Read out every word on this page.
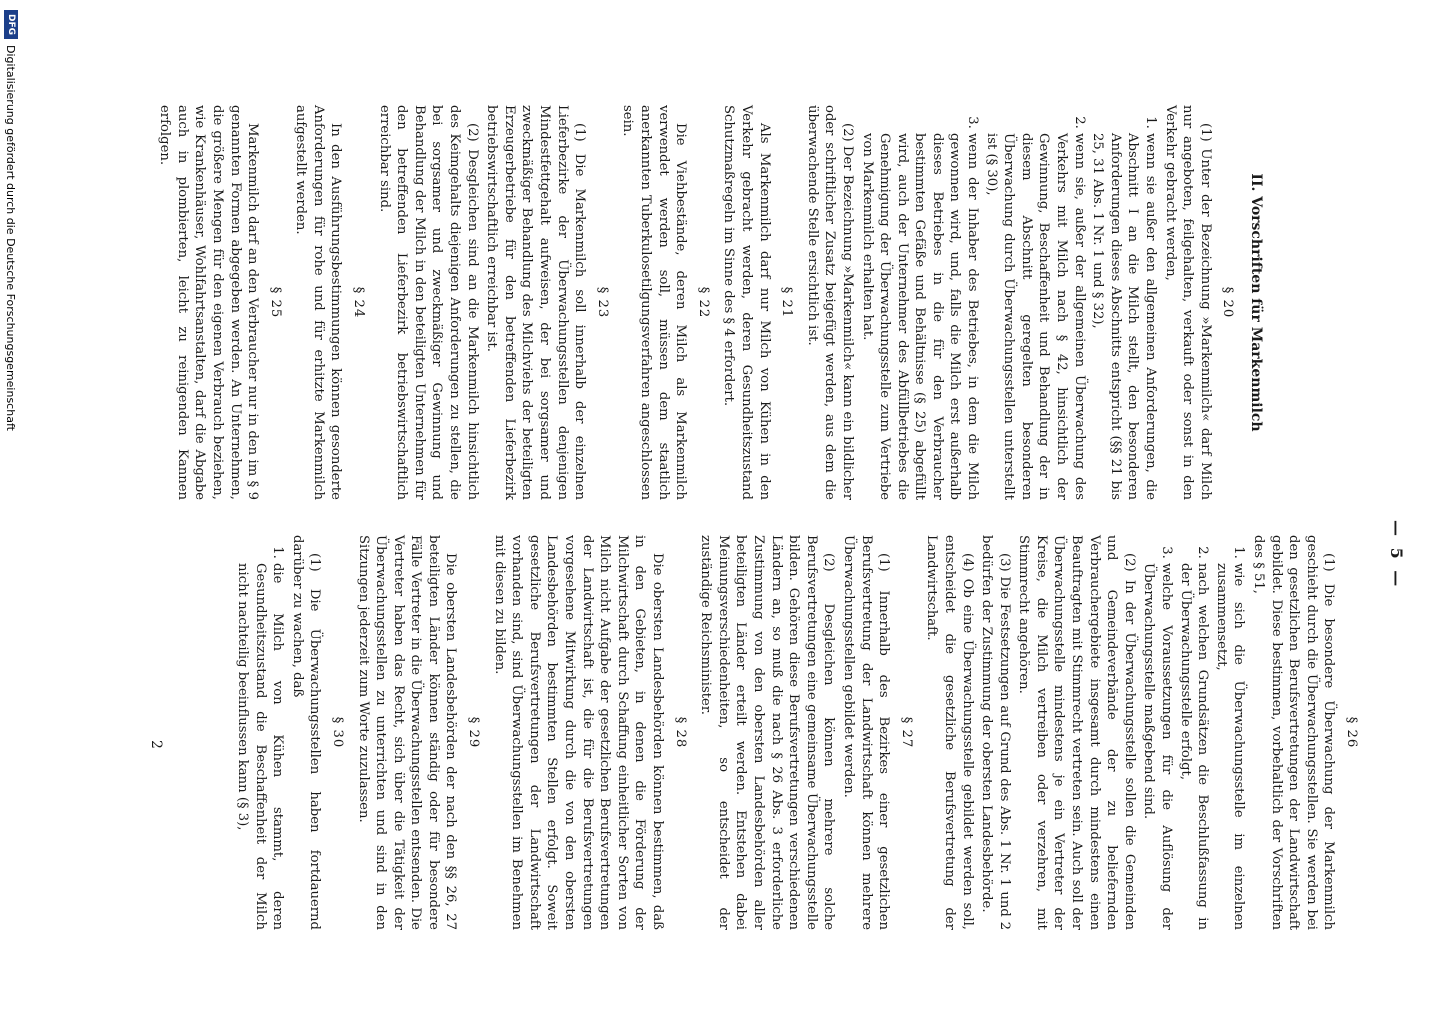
— 5 —
II. Vorschriften für Markenmilch
§ 20

(1) Unter der Bezeichnung »Markenmilch« darf Milch nur angeboten, feilgehalten, verkauft oder sonst in den Verkehr gebracht werden,

1. wenn sie außer den allgemeinen Anforderungen, die Abschnitt I an die Milch stellt, den besonderen Anforderungen dieses Abschnitts entspricht (§§ 21 bis 25, 31 Abs. 1 Nr. 1 und § 32),
2. wenn sie, außer der allgemeinen Überwachung des Verkehrs mit Milch nach § 42, hinsichtlich der Gewinnung, Beschaffenheit und Behandlung der in diesem Abschnitt geregelten besonderen Überwachung durch Überwachungsstellen unterstellt ist (§ 30),
3. wenn der Inhaber des Betriebes, in dem die Milch gewonnen wird, und, falls die Milch erst außerhalb dieses Betriebes in die für den Verbraucher bestimmten Gefäße und Behältnisse (§ 25) abgefüllt wird, auch der Unternehmer des Abfüllbetriebes die Genehmigung der Überwachungsstelle zum Vertriebe von Markenmilch erhalten hat.

(2) Der Bezeichnung »Markenmilch« kann ein bildlicher oder schriftlicher Zusatz beigefügt werden, aus dem die überwachende Stelle ersichtlich ist.

§ 21

Als Markenmilch darf nur Milch von Kühen in den Verkehr gebracht werden, deren Gesundheitszustand Schutzmaßregeln im Sinne des § 4 erfordert.

§ 22

Die Viehbestände, deren Milch als Markenmilch verwendet werden soll, müssen dem staatlich anerkannten Tuberkulosetilgungsverfahren angeschlossen sein.

§ 23

(1) Die Markenmilch soll innerhalb der einzelnen Lieferbezirke der Überwachungsstellen denjenigen Mindestfettgehalt aufweisen, der bei sorgsamer und zweckmäßiger Behandlung des Milchviehs der beteiligten Erzeugerbetriebe für den betreffenden Lieferbezirk betriebswirtschaftlich erreichbar ist.

(2) Desgleichen sind an die Markenmilch hinsichtlich des Keimgehalts diejenigen Anforderungen zu stellen, die bei sorgsamer und zweckmäßiger Gewinnung und Behandlung der Milch in den beteiligten Unternehmen für den betreffenden Lieferbezirk betriebswirtschaftlich erreichbar sind.

§ 24

In den Ausführungsbestimmungen können gesonderte Anforderungen für rohe und für erhitzte Markenmilch aufgestellt werden.

§ 25

Markenmilch darf an den Verbraucher nur in den im § 9 genannten Formen abgegeben werden. An Unternehmen, die größere Mengen für den eigenen Verbrauch beziehen, wie Krankenhäuser, Wohlfahrtsanstalten, darf die Abgabe auch in plombierten, leicht zu reinigenden Kannen erfolgen.

§ 26

(1) Die besondere Überwachung der Markenmilch geschieht durch die Überwachungsstellen. Sie werden bei den gesetzlichen Berufsvertretungen der Landwirtschaft gebildet. Diese bestimmen, vorbehaltlich der Vorschriften des § 51,

1. wie sich die Überwachungsstelle im einzelnen zusammensetzt,
2. nach welchen Grundsätzen die Beschlußfassung in der Überwachungsstelle erfolgt,
3. welche Voraussetzungen für die Auflösung der Überwachungsstelle maßgebend sind.

(2) In der Überwachungsstelle sollen die Gemeinden und Gemeindeverbände der zu beliefernden Verbrauchergebiete insgesamt durch mindestens einen Beauftragten mit Stimmrecht vertreten sein. Auch soll der Überwachungsstelle mindestens je ein Vertreter der Kreise, die Milch vertreiben oder verzehren, mit Stimmrecht angehören.

(3) Die Festsetzungen auf Grund des Abs. 1 Nr. 1 und 2 bedürfen der Zustimmung der obersten Landesbehörde.

(4) Ob eine Überwachungsstelle gebildet werden soll, entscheidet die gesetzliche Berufsvertretung der Landwirtschaft.

§ 27

(1) Innerhalb des Bezirkes einer gesetzlichen Berufsvertretung der Landwirtschaft können mehrere Überwachungsstellen gebildet werden.

(2) Desgleichen können mehrere solche Berufsvertretungen eine gemeinsame Überwachungsstelle bilden. Gehören diese Berufsvertretungen verschiedenen Ländern an, so muß die nach § 26 Abs. 3 erforderliche Zustimmung von den obersten Landesbehörden aller beteiligten Länder erteilt werden. Entstehen dabei Meinungsverschiedenheiten, so entscheidet der zuständige Reichsminister.

§ 28

Die obersten Landesbehörden können bestimmen, daß in den Gebieten, in denen die Förderung der Milchwirtschaft durch Schaffung einheitlicher Sorten von Milch nicht Aufgabe der gesetzlichen Berufsvertretungen der Landwirtschaft ist, die für die Berufsvertretungen vorgesehene Mitwirkung durch die von den obersten Landesbehörden bestimmten Stellen erfolgt. Soweit gesetzliche Berufsvertretungen der Landwirtschaft vorhanden sind, sind Überwachungsstellen im Benehmen mit diesen zu bilden.

§ 29

Die obersten Landesbehörden der nach den §§ 26, 27 beteiligten Länder können ständig oder für besondere Fälle Vertreter in die Überwachungsstellen entsenden. Die Vertreter haben das Recht, sich über die Tätigkeit der Überwachungsstellen zu unterrichten und sind in den Sitzungen jederzeit zum Worte zuzulassen.

§ 30

(1) Die Überwachungsstellen haben fortdauernd darüber zu wachen, daß

1. die Milch von Kühen stammt, deren Gesundheitszustand die Beschaffenheit der Milch nicht nachteilig beeinflussen kann (§ 3),
2
DFG
Digitalisierung gefördert durch die Deutsche Forschungsgemeinschaft
